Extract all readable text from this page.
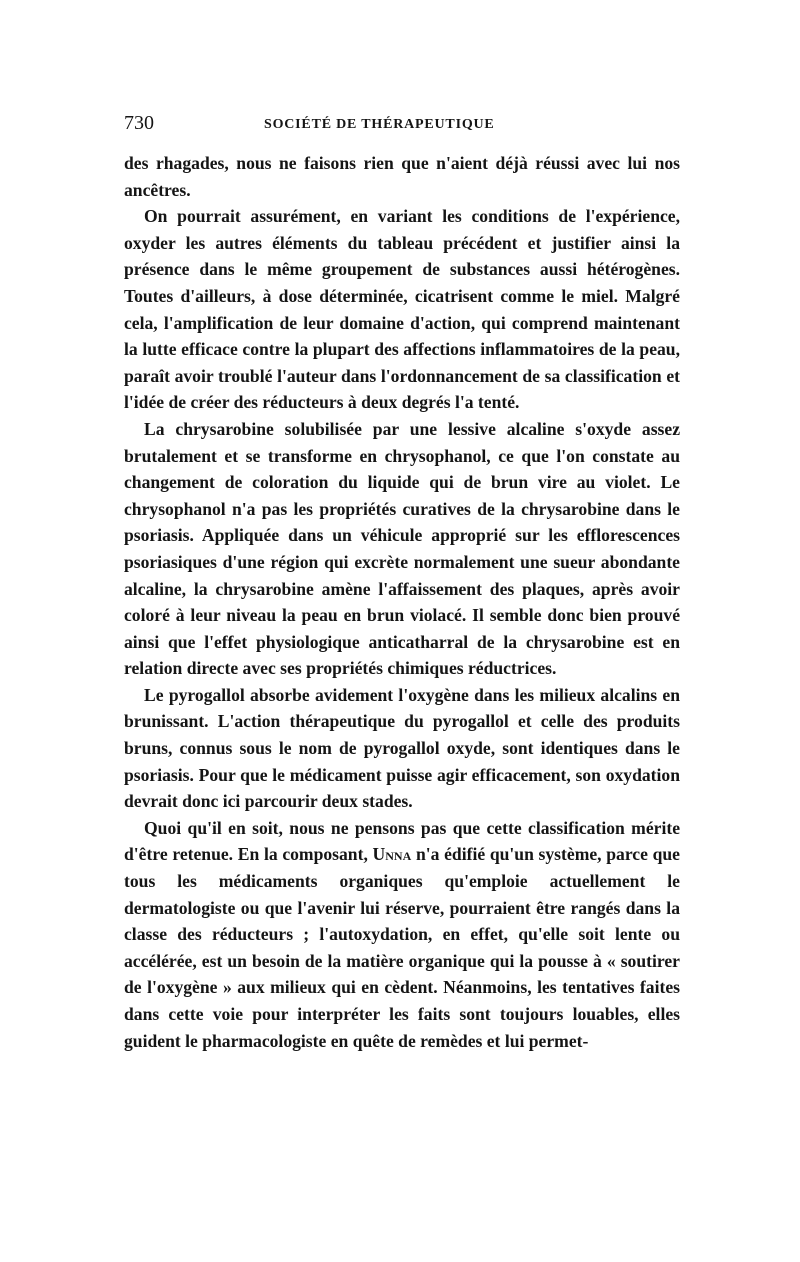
730	SOCIÉTÉ DE THÉRAPEUTIQUE

des rhagades, nous ne faisons rien que n'aient déjà réussi avec lui nos ancêtres.

On pourrait assurément, en variant les conditions de l'expérience, oxyder les autres éléments du tableau précédent et justifier ainsi la présence dans le même groupement de substances aussi hétérogènes. Toutes d'ailleurs, à dose déterminée, cicatrisent comme le miel. Malgré cela, l'amplification de leur domaine d'action, qui comprend maintenant la lutte efficace contre la plupart des affections inflammatoires de la peau, paraît avoir troublé l'auteur dans l'ordonnancement de sa classification et l'idée de créer des réducteurs à deux degrés l'a tenté.

La chrysarobine solubilisée par une lessive alcaline s'oxyde assez brutalement et se transforme en chrysophanol, ce que l'on constate au changement de coloration du liquide qui de brun vire au violet. Le chrysophanol n'a pas les propriétés curatives de la chrysarobine dans le psoriasis. Appliquée dans un véhicule approprié sur les efflorescences psoriasiques d'une région qui excrète normalement une sueur abondante alcaline, la chrysarobine amène l'affaissement des plaques, après avoir coloré à leur niveau la peau en brun violacé. Il semble donc bien prouvé ainsi que l'effet physiologique anticatharral de la chrysarobine est en relation directe avec ses propriétés chimiques réductrices.

Le pyrogallol absorbe avidement l'oxygène dans les milieux alcalins en brunissant. L'action thérapeutique du pyrogallol et celle des produits bruns, connus sous le nom de pyrogallol oxyde, sont identiques dans le psoriasis. Pour que le médicament puisse agir efficacement, son oxydation devrait donc ici parcourir deux stades.

Quoi qu'il en soit, nous ne pensons pas que cette classification mérite d'être retenue. En la composant, Unna n'a édifié qu'un système, parce que tous les médicaments organiques qu'emploie actuellement le dermatologiste ou que l'avenir lui réserve, pourraient être rangés dans la classe des réducteurs ; l'autoxydation, en effet, qu'elle soit lente ou accélérée, est un besoin de la matière organique qui la pousse à « soutirer de l'oxygène » aux milieux qui en cèdent. Néanmoins, les tentatives faites dans cette voie pour interpréter les faits sont toujours louables, elles guident le pharmacologiste en quête de remèdes et lui permet-
